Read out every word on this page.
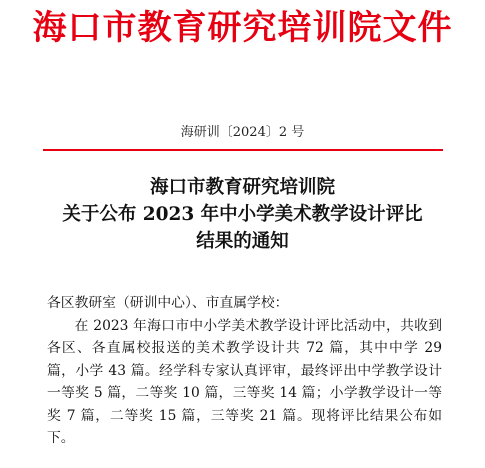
海口市教育研究培训院文件
海研训〔2024〕2 号
海口市教育研究培训院
关于公布 2023 年中小学美术教学设计评比
结果的通知

各区教研室（研训中心）、市直属学校：

在 2023 年海口市中小学美术教学设计评比活动中，共收到各区、各直属校报送的美术教学设计共 72 篇，其中中学 29 篇，小学 43 篇。经学科专家认真评审，最终评出中学教学设计一等奖 5 篇，二等奖 10 篇，三等奖 14 篇；小学教学设计一等奖 7 篇，二等奖 15 篇，三等奖 21 篇。现将评比结果公布如下。
